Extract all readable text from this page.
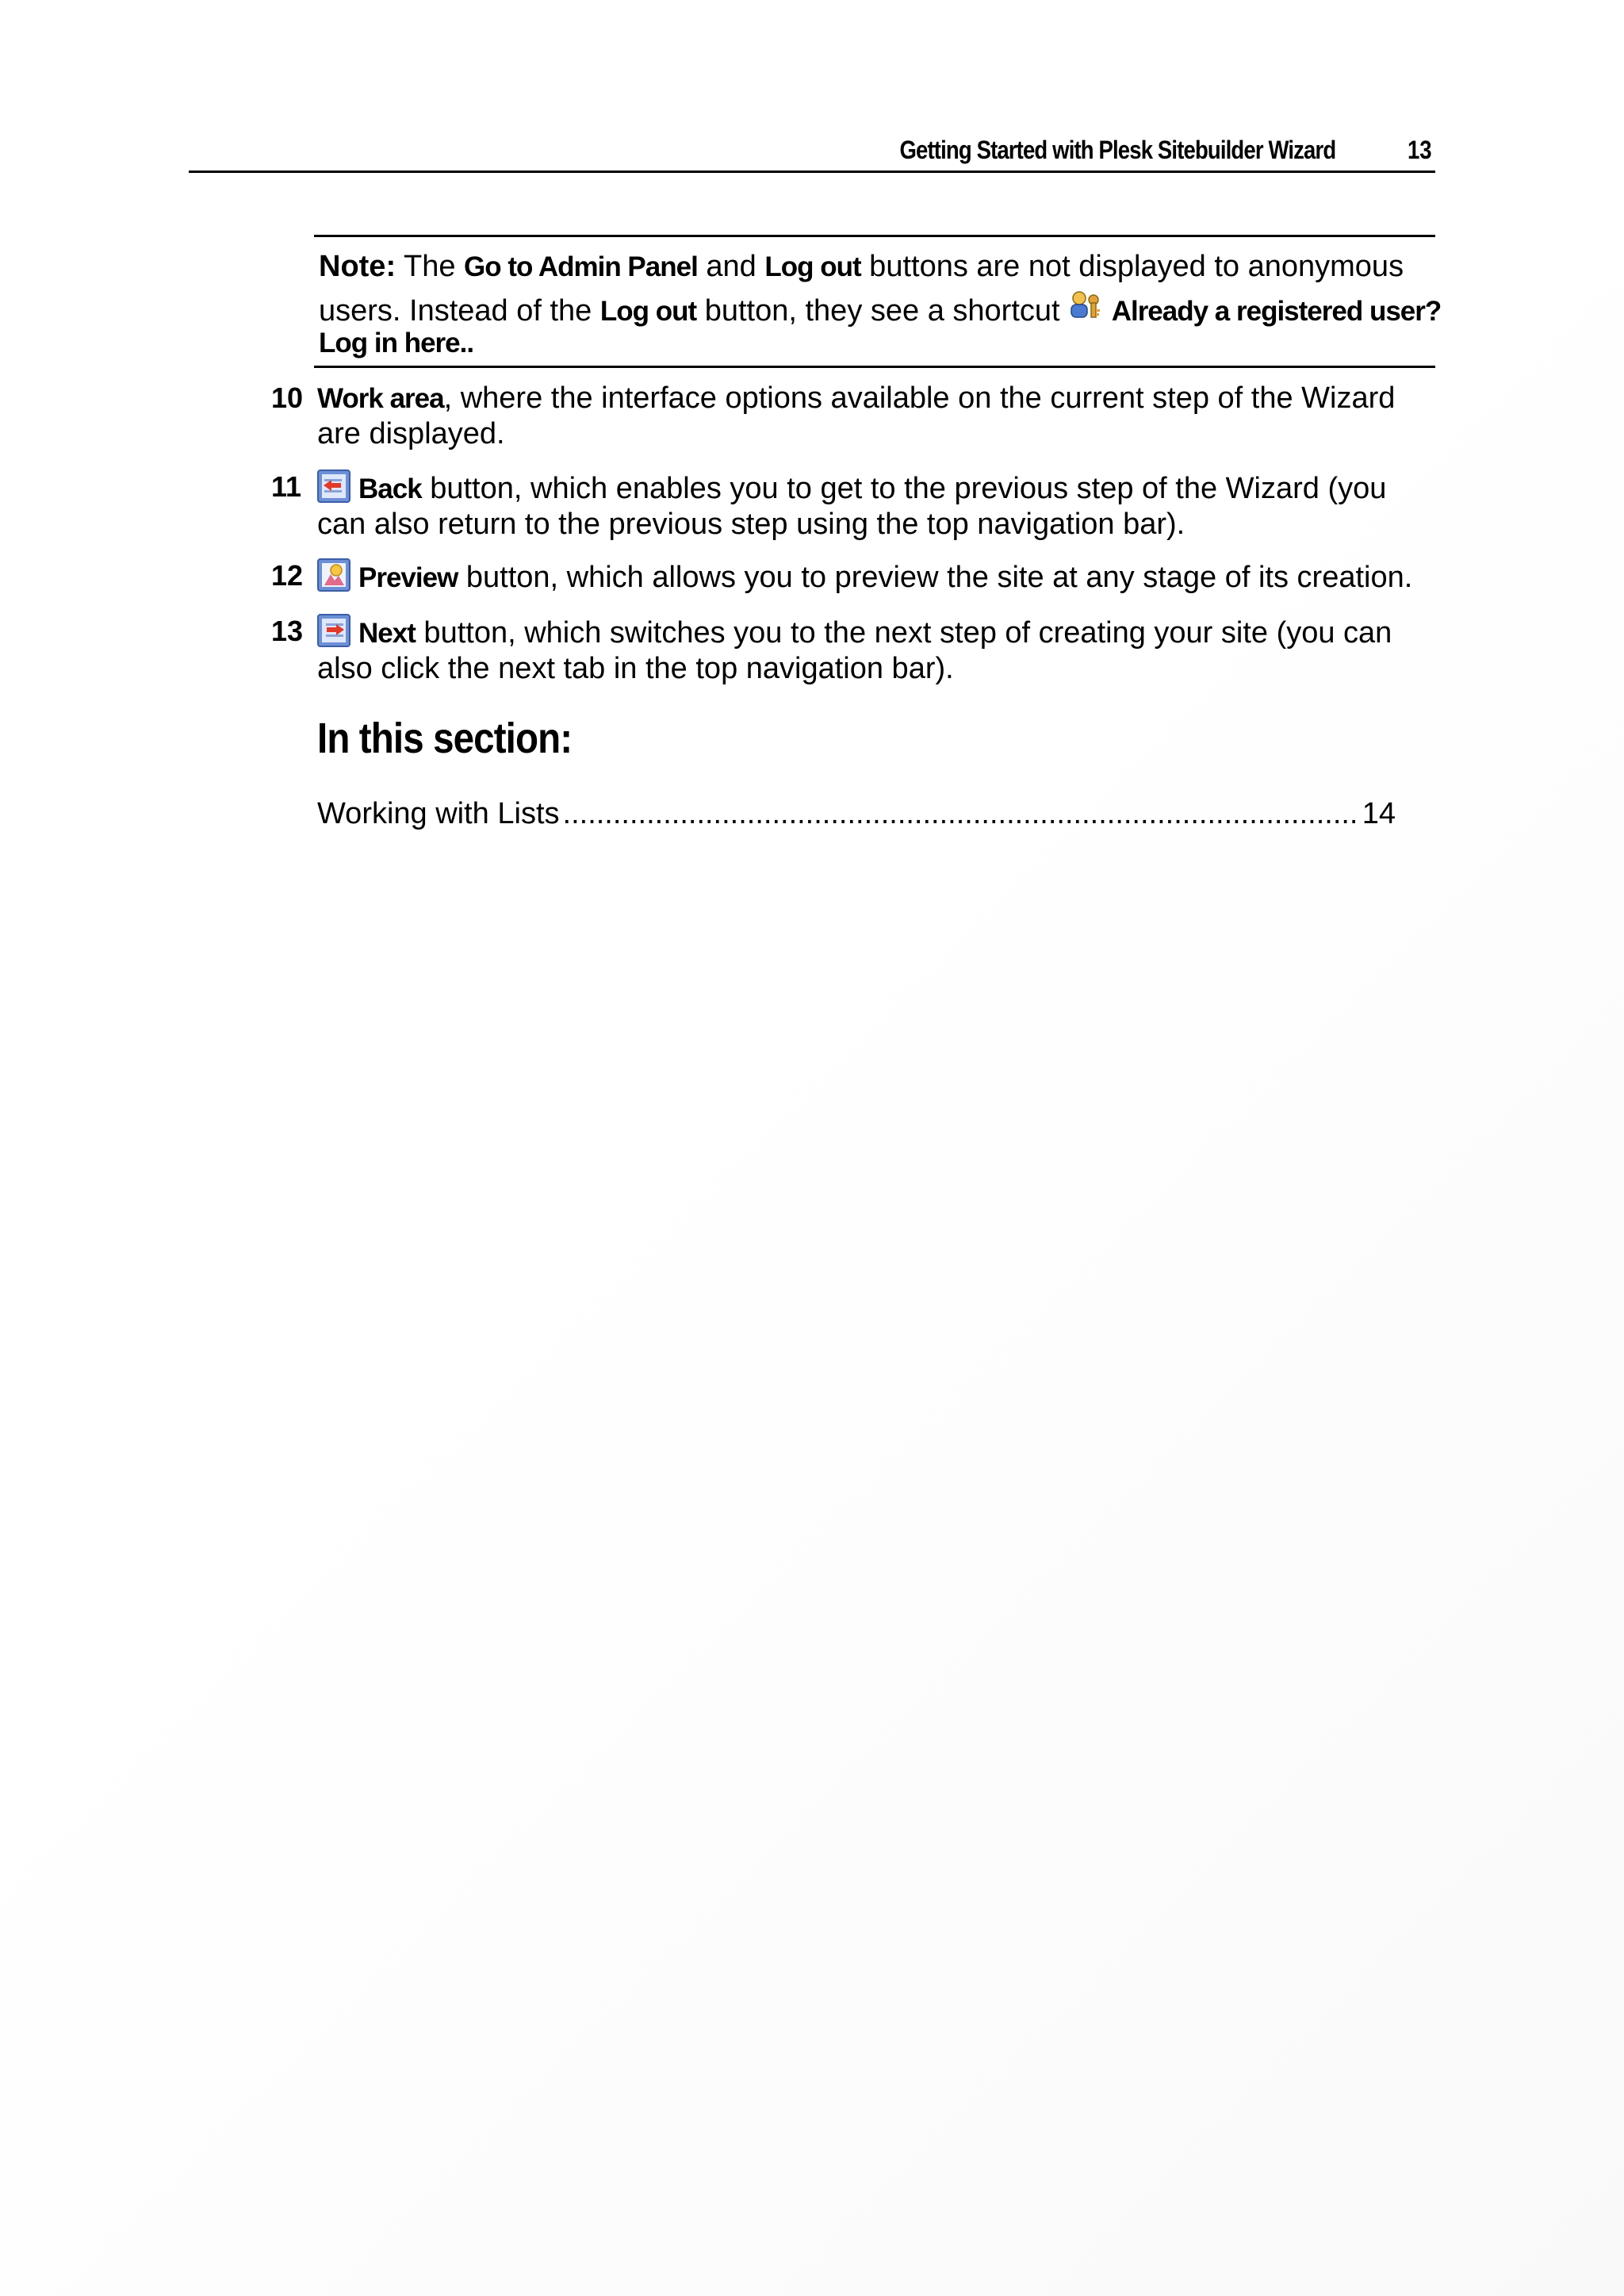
Getting Started with Plesk Sitebuilder Wizard	13

Note: The Go to Admin Panel and Log out buttons are not displayed to anonymous

users. Instead of the Log out button, they see a shortcut  Already a registered user?

Log in here..

10 Work area, where the interface options available on the current step of the Wizard
are displayed.
11	Back button, which enables you to get to the previous step of the Wizard (you
can also return to the previous step using the top navigation bar).
12	Preview button, which allows you to preview the site at any stage of its creation.
13	Next button, which switches you to the next step of creating your site (you can
also click the next tab in the top navigation bar).
In this section:
Working with Lists
.....	14
